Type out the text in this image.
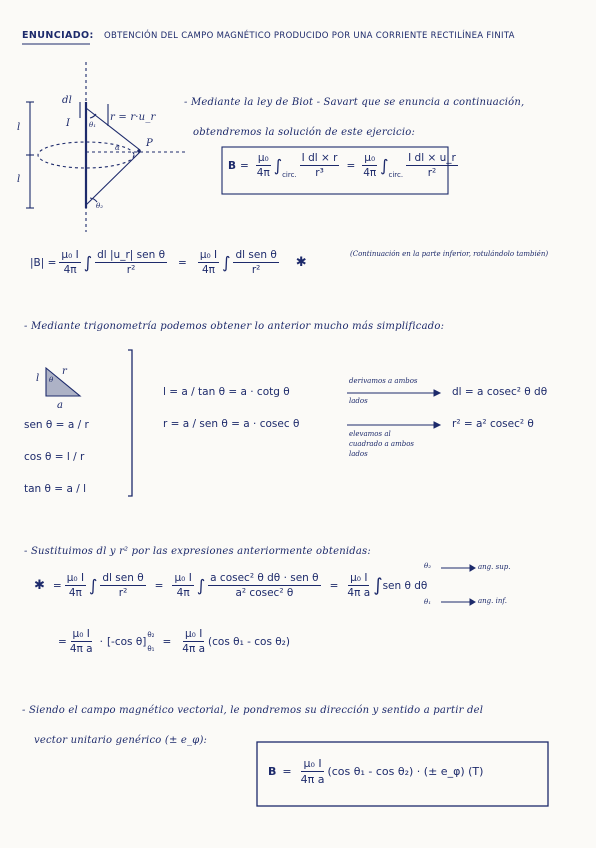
ENUNCIADO: OBTENCIÓN DEL CAMPO MAGNÉTICO PRODUCIDO POR UNA CORRIENTE RECTILÍNEA FINITA
dl
I	θ₁
θ₂
r = r·u_r
α	P
l
l
- Mediante la ley de Biot - Savart que se enuncia a continuación,
obtendremos la solución de este ejercicio:
$B = \frac{\text{μ₀}}{4\pi}$ ∫ circ. $\frac{\text{I dl × r}}{\text{r³}} = \frac{\text{μ₀}}{4\pi}$ ∫ circ. $\frac{\text{I dl × u\_r}}{\text{r²}}$
$|B| = \frac{\text{μ₀ I}}{4\pi}$ ∫ $\frac{\text{dl |u\_r| sen θ}}{\text{r²}} = \frac{\text{μ₀ I}}{4\pi}$ ∫ $\frac{\text{dl sen θ}}{\text{r²}}$ ✱
(Continuación en la parte inferior, rotulándolo también)
- Mediante trigonometría podemos obtener lo anterior mucho más simplificado:
l
r
a
θ
sen θ = a / r
cos θ = l / r
tan θ = a / l
l = a / tan θ = a · cotg θ
r = a / sen θ = a · cosec θ
derivamos a ambos
lados
elevamos al
cuadrado a ambos
lados
dl = a cosec² θ dθ
r² = a² cosec² θ
- Sustituimos dl y r² por las expresiones anteriormente obtenidas:
✱ = $\frac{\text{μ₀ I}}{4\pi}$ ∫ $\frac{\text{dl sen θ}}{\text{r²}} = \frac{\text{μ₀ I}}{4\pi}$ ∫ $\frac{\text{a cosec² θ dθ · sen θ}}{\text{a² cosec² θ}} = \frac{\text{μ₀ I}}{\text{4π a}}$ ∫ sen θ dθ
θ₂
θ₁
ang. sup.
ang. inf.
= $\frac{\text{μ₀ I}}{\text{4π a}} \cdot [-\cos$ θ]
θ₂
θ₁
= $\frac{\text{μ₀ I}}{\text{4π a}} (\cos$ θ₁ - cos θ₂)
- Siendo el campo magnético vectorial, le pondremos su dirección y sentido a partir del
vector unitario genérico (± e_φ):
$B = \frac{\text{μ₀ I}}{\text{4π a}} (\cos$ θ₁ - cos θ₂) · (± e_φ) (T)
